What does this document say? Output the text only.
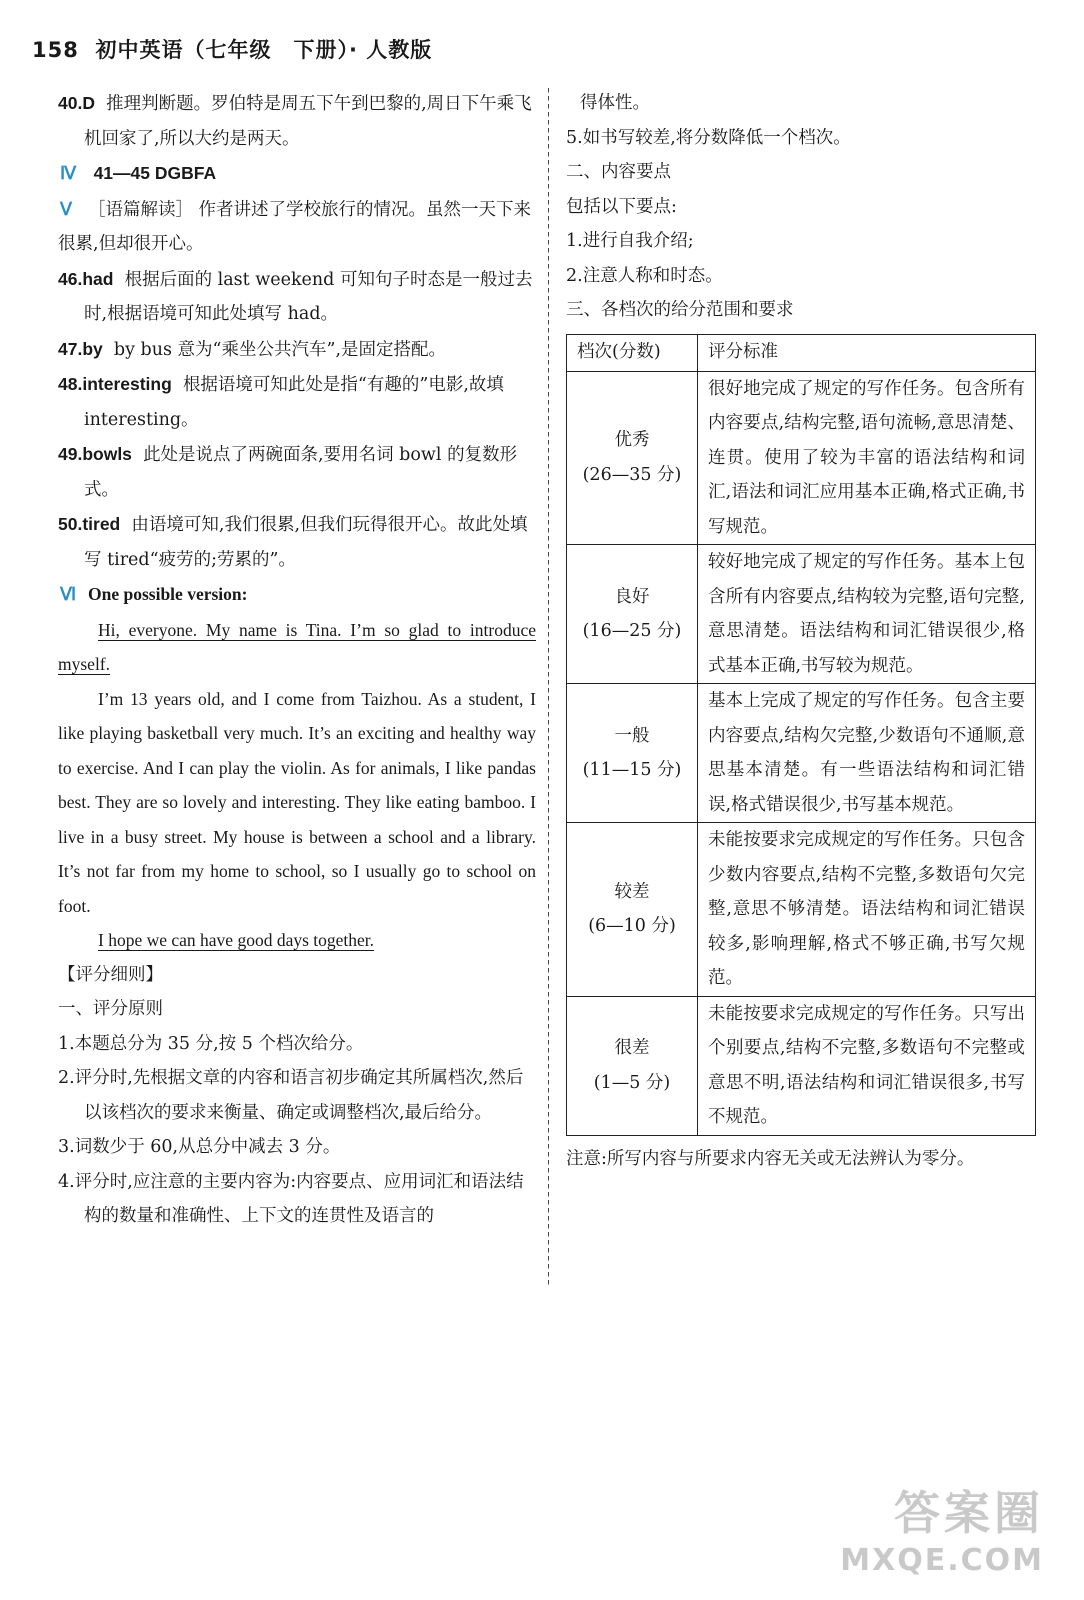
158 初中英语（七年级　下册）· 人教版

40.D 推理判断题。罗伯特是周五下午到巴黎的,周日下午乘飞机回家了,所以大约是两天。

Ⅳ 41—45 DGBFA

Ⅴ ［语篇解读］ 作者讲述了学校旅行的情况。虽然一天下来很累,但却很开心。

46.had 根据后面的 last weekend 可知句子时态是一般过去时,根据语境可知此处填写 had。

47.by by bus 意为“乘坐公共汽车”,是固定搭配。

48.interesting 根据语境可知此处是指“有趣的”电影,故填 interesting。

49.bowls 此处是说点了两碗面条,要用名词 bowl 的复数形式。

50.tired 由语境可知,我们很累,但我们玩得很开心。故此处填写 tired“疲劳的;劳累的”。

Ⅵ One possible version:

Hi, everyone. My name is Tina. I’m so glad to introduce myself.

I’m 13 years old, and I come from Taizhou. As a student, I like playing basketball very much. It’s an exciting and healthy way to exercise. And I can play the violin. As for animals, I like pandas best. They are so lovely and interesting. They like eating bamboo. I live in a busy street. My house is between a school and a library. It’s not far from my home to school, so I usually go to school on foot.

I hope we can have good days together.

【评分细则】

一、评分原则

1.本题总分为 35 分,按 5 个档次给分。

2.评分时,先根据文章的内容和语言初步确定其所属档次,然后以该档次的要求来衡量、确定或调整档次,最后给分。

3.词数少于 60,从总分中减去 3 分。

4.评分时,应注意的主要内容为:内容要点、应用词汇和语法结构的数量和准确性、上下文的连贯性及语言的

得体性。

5.如书写较差,将分数降低一个档次。

二、内容要点

包括以下要点:

1.进行自我介绍;

2.注意人称和时态。

三、各档次的给分范围和要求

档次(分数)	评分标准

优秀
(26—35 分)	很好地完成了规定的写作任务。包含所有内容要点,结构完整,语句流畅,意思清楚、连贯。使用了较为丰富的语法结构和词汇,语法和词汇应用基本正确,格式正确,书写规范。

良好
(16—25 分)	较好地完成了规定的写作任务。基本上包含所有内容要点,结构较为完整,语句完整,意思清楚。语法结构和词汇错误很少,格式基本正确,书写较为规范。

一般
(11—15 分)	基本上完成了规定的写作任务。包含主要内容要点,结构欠完整,少数语句不通顺,意思基本清楚。有一些语法结构和词汇错误,格式错误很少,书写基本规范。

较差
(6—10 分)	未能按要求完成规定的写作任务。只包含少数内容要点,结构不完整,多数语句欠完整,意思不够清楚。语法结构和词汇错误较多,影响理解,格式不够正确,书写欠规范。

很差
(1—5 分)	未能按要求完成规定的写作任务。只写出个别要点,结构不完整,多数语句不完整或意思不明,语法结构和词汇错误很多,书写不规范。

注意:所写内容与所要求内容无关或无法辨认为零分。

答案圈
MXQE.COM
